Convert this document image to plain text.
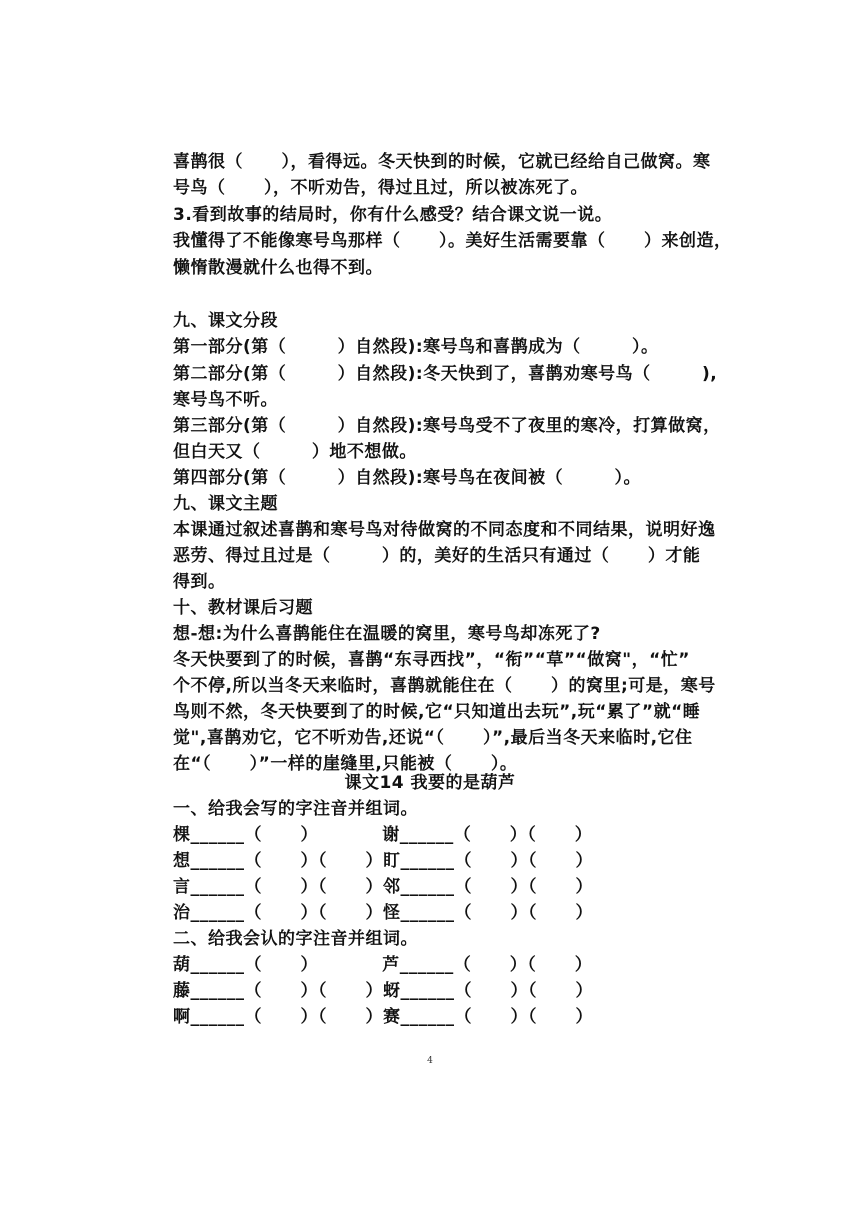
喜鹊很（      ），看得远。冬天快到的时候，它就已经给自己做窝。寒
号鸟（      ），不听劝告，得过且过，所以被冻死了。
3.看到故事的结局时，你有什么感受？结合课文说一说。
我懂得了不能像寒号鸟那样（      ）。美好生活需要靠（      ）来创造，
懒惰散漫就什么也得不到。
九、课文分段
第一部分(第（        ）自然段):寒号鸟和喜鹊成为（        ）。
第二部分(第（        ）自然段):冬天快到了，喜鹊劝寒号鸟（        ),
寒号鸟不听。
第三部分(第（        ）自然段):寒号鸟受不了夜里的寒冷，打算做窝，
但白天又（        ）地不想做。
第四部分(第（        ）自然段):寒号鸟在夜间被（        ）。
九、课文主题
本课通过叙述喜鹊和寒号鸟对待做窝的不同态度和不同结果，说明好逸
恶劳、得过且过是（        ）的，美好的生活只有通过（      ）才能
得到。
十、教材课后习题
想-想:为什么喜鹊能住在温暖的窝里，寒号鸟却冻死了?
冬天快要到了的时候，喜鹊“东寻西找”，“衔”“草”“做窝"，“忙”
个不停,所以当冬天来临时，喜鹊就能住在（      ）的窝里;可是，寒号
鸟则不然，冬天快要到了的时候,它“只知道出去玩”,玩“累了”就“睡
觉",喜鹊劝它，它不听劝告,还说“（      ）”,最后当冬天来临时,它住
在“（      ）”一样的崖缝里,只能被（      ）。
课文14 我要的是葫芦
一、给我会写的字注音并组词。
棵______（      ）          谢______（      ）（      ）
想______（      ）（      ）盯______（      ）（      ）
言______（      ）（      ）邻______（      ）（      ）
治______（      ）（      ）怪______（      ）（      ）
二、给我会认的字注音并组词。
葫______（      ）          芦______（      ）（      ）
藤______（      ）（      ）蚜______（      ）（      ）
啊______（      ）（      ）赛______（      ）（      ）
4
